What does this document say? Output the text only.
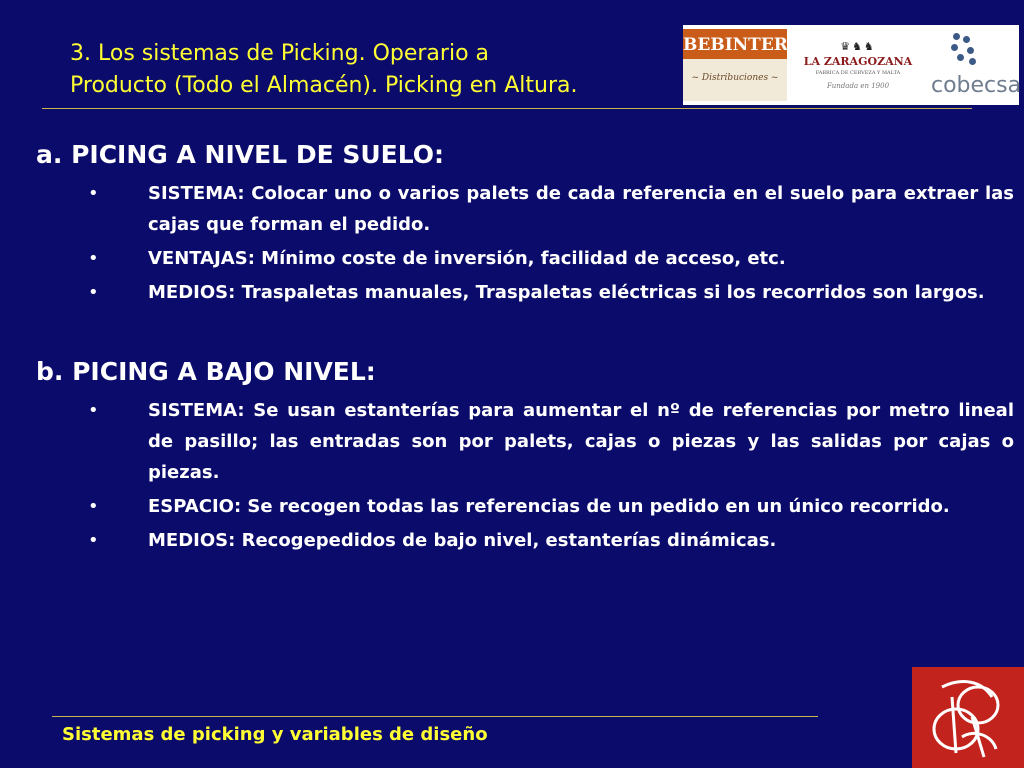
3. Los sistemas de Picking. Operario a
Producto (Todo el Almacén). Picking en Altura.
BEBINTER
~ Distribuciones ~
♛♞♞
LA ZARAGOZANA
FABRICA DE CERVEZA Y MALTA
Fundada en 1900 cobecsa
a. PICING A NIVEL DE SUELO:
•	SISTEMA: Colocar uno o varios palets de cada referencia en el suelo para extraer las cajas que forman el pedido.
•	VENTAJAS: Mínimo coste de inversión, facilidad de acceso, etc.
•	MEDIOS: Traspaletas manuales, Traspaletas eléctricas si los recorridos son largos.
b. PICING A BAJO NIVEL:
•	SISTEMA: Se usan estanterías para aumentar el nº de referencias por metro lineal de pasillo; las entradas son por palets, cajas o piezas y las salidas por cajas o piezas.
•	ESPACIO: Se recogen todas las referencias de un pedido en un único recorrido.
•	MEDIOS: Recogepedidos de bajo nivel, estanterías dinámicas.
Sistemas de picking y variables de diseño
